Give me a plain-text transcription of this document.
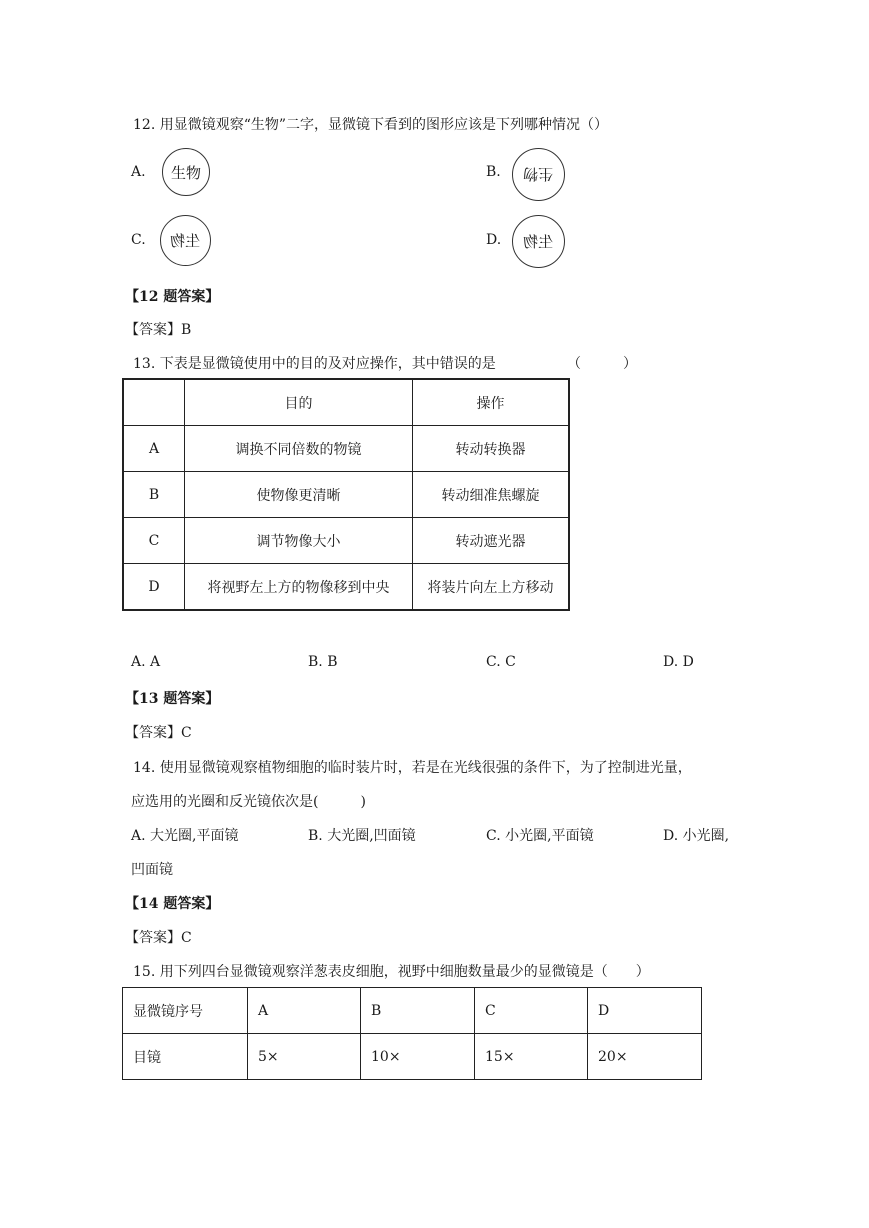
12. 用显微镜观察“生物”二字，显微镜下看到的图形应该是下列哪种情况（）
A. 生物	B. 生物
C. 生物	D. 生物
【12 题答案】
【答案】B
13. 下表是显微镜使用中的目的及对应操作，其中错误的是	（　　　）
	目的	操作
A	调换不同倍数的物镜	转动转换器
B	使物像更清晰	转动细准焦螺旋
C	调节物像大小	转动遮光器
D	将视野左上方的物像移到中央	将装片向左上方移动
A. A	B. B	C. C	D. D
【13 题答案】
【答案】C
14. 使用显微镜观察植物细胞的临时装片时，若是在光线很强的条件下，为了控制进光量，
应选用的光圈和反光镜依次是(　　　)
A. 大光圈,平面镜	B. 大光圈,凹面镜	C. 小光圈,平面镜	D. 小光圈,
凹面镜
【14 题答案】
【答案】C
15. 用下列四台显微镜观察洋葱表皮细胞，视野中细胞数量最少的显微镜是（　　）
显微镜序号	A	B	C	D
目镜	5×	10×	15×	20×
